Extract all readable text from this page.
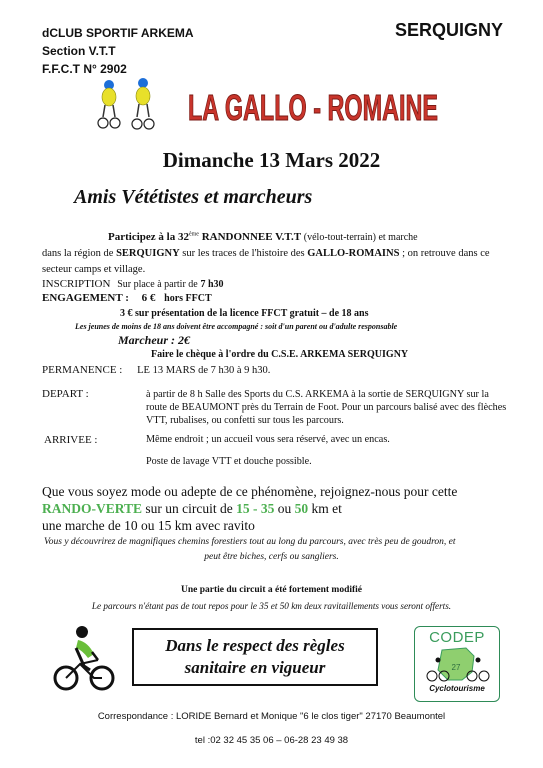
dCLUB SPORTIF ARKEMA
Section V.T.T
F.F.C.T N° 2902
SERQUIGNY
LA GALLO - ROMAINE
Dimanche 13 Mars 2022
Amis Vététistes et marcheurs
Participez à la 32ème RANDONNEE V.T.T (vélo-tout-terrain) et marche
dans la région de SERQUIGNY sur les traces de l'histoire des GALLO-ROMAINS ; on retrouve dans ce
secteur camps et village.
INSCRIPTION Sur place à partir de 7 h30
ENGAGEMENT : 6 € hors FFCT
3 € sur présentation de la licence FFCT gratuit – de 18 ans
Les jeunes de moins de 18 ans doivent être accompagné : soit d'un parent ou d'adulte responsable
Marcheur : 2€
Faire le chèque à l'ordre du C.S.E. ARKEMA SERQUIGNY
PERMANENCE : LE 13 MARS de 7 h30 à 9 h30.
DEPART :	à partir de 8 h Salle des Sports du C.S. ARKEMA à la sortie de SERQUIGNY sur la
route de BEAUMONT près du Terrain de Foot. Pour un parcours balisé avec des flèches
VTT, rubalises, ou confetti sur tous les parcours.
ARRIVEE :	Même endroit ; un accueil vous sera réservé, avec un encas.
Poste de lavage VTT et douche possible.
Que vous soyez mode ou adepte de ce phénomène, rejoignez-nous pour cette
RANDO-VERTE sur un circuit de 15 - 35 ou 50 km et
une marche de 10 ou 15 km avec ravito
Vous y découvrirez de magnifiques chemins forestiers tout au long du parcours, avec très peu de goudron, et
peut être biches, cerfs ou sangliers.
Une partie du circuit a été fortement modifié
Le parcours n'étant pas de tout repos pour le 35 et 50 km deux ravitaillements vous seront offerts.
Dans le respect des règles
sanitaire en vigueur
CODEP
27
Cyclotourisme
Correspondance : LORIDE Bernard et Monique "6 le clos tiger" 27170 Beaumontel
tel :02 32 45 35 06 – 06-28 23 49 38
